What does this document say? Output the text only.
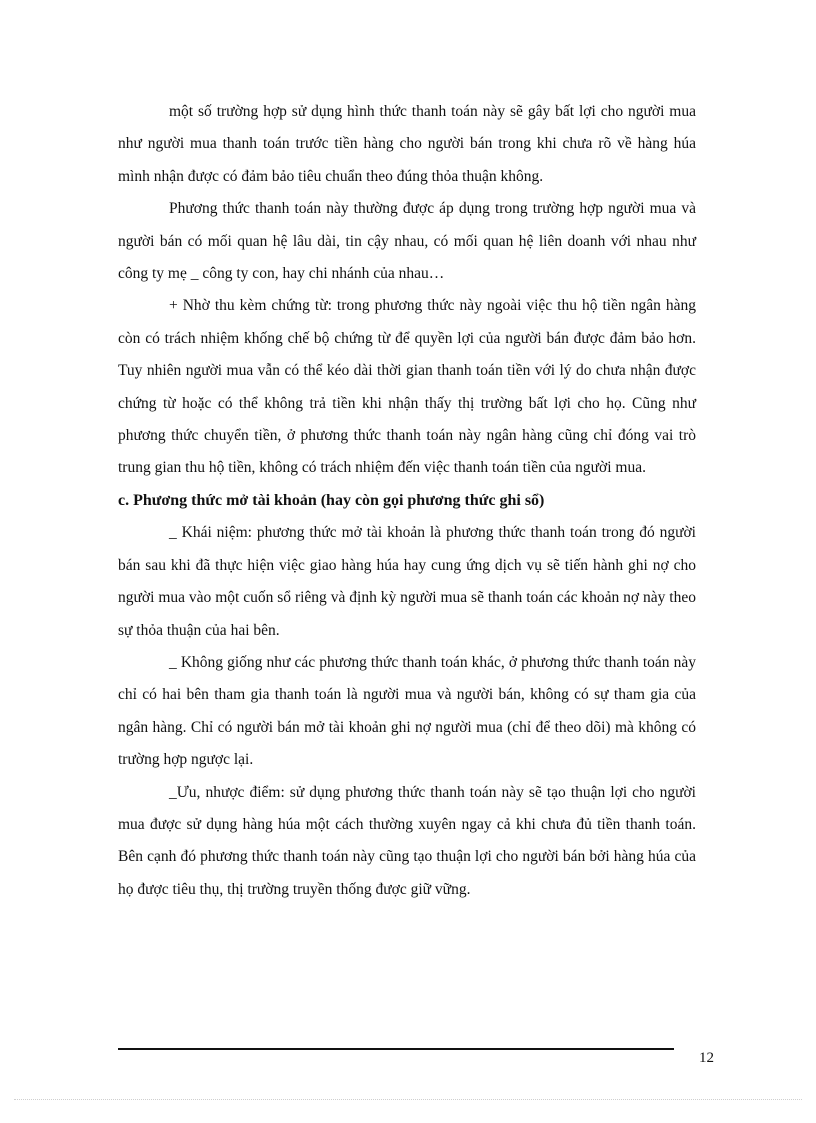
một số trường hợp sử dụng hình thức thanh toán này sẽ gây bất lợi cho người mua như người mua thanh toán trước tiền hàng cho người bán trong khi chưa rõ về hàng húa mình nhận được có đảm bảo tiêu chuẩn theo đúng thỏa thuận không.

Phương thức thanh toán này thường được áp dụng trong trường hợp người mua và người bán có mối quan hệ lâu dài, tin cậy nhau, có mối quan hệ liên doanh với nhau như công ty mẹ _ công ty con, hay chi nhánh của nhau…

+ Nhờ thu kèm chứng từ: trong phương thức này ngoài việc thu hộ tiền ngân hàng còn có trách nhiệm khống chế bộ chứng từ để quyền lợi của người bán được đảm bảo hơn. Tuy nhiên người mua vẫn có thể kéo dài thời gian thanh toán tiền với lý do chưa nhận được chứng từ hoặc có thể không trả tiền khi nhận thấy thị trường bất lợi cho họ. Cũng như phương thức chuyển tiền, ở phương thức thanh toán này ngân hàng cũng chỉ đóng vai trò trung gian thu hộ tiền, không có trách nhiệm đến việc thanh toán tiền của người mua.

c. Phương thức mở tài khoản (hay còn gọi phương thức ghi sổ)

_ Khái niệm: phương thức mở tài khoản là phương thức thanh toán trong đó người bán sau khi đã thực hiện việc giao hàng húa hay cung ứng dịch vụ sẽ tiến hành ghi nợ cho người mua vào một cuốn sổ riêng và định kỳ người mua sẽ thanh toán các khoản nợ này theo sự thỏa thuận của hai bên.

_ Không giống như các phương thức thanh toán khác, ở phương thức thanh toán này chỉ có hai bên tham gia thanh toán là người mua và người bán, không có sự tham gia của ngân hàng. Chỉ có người bán mở tài khoản ghi nợ người mua (chỉ để theo dõi) mà không có trường hợp ngược lại.

_Ưu, nhược điểm: sử dụng phương thức thanh toán này sẽ tạo thuận lợi cho người mua được sử dụng hàng húa một cách thường xuyên ngay cả khi chưa đủ tiền thanh toán. Bên cạnh đó phương thức thanh toán này cũng tạo thuận lợi cho người bán bởi hàng húa của họ được tiêu thụ, thị trường truyền thống được giữ vững.

12
